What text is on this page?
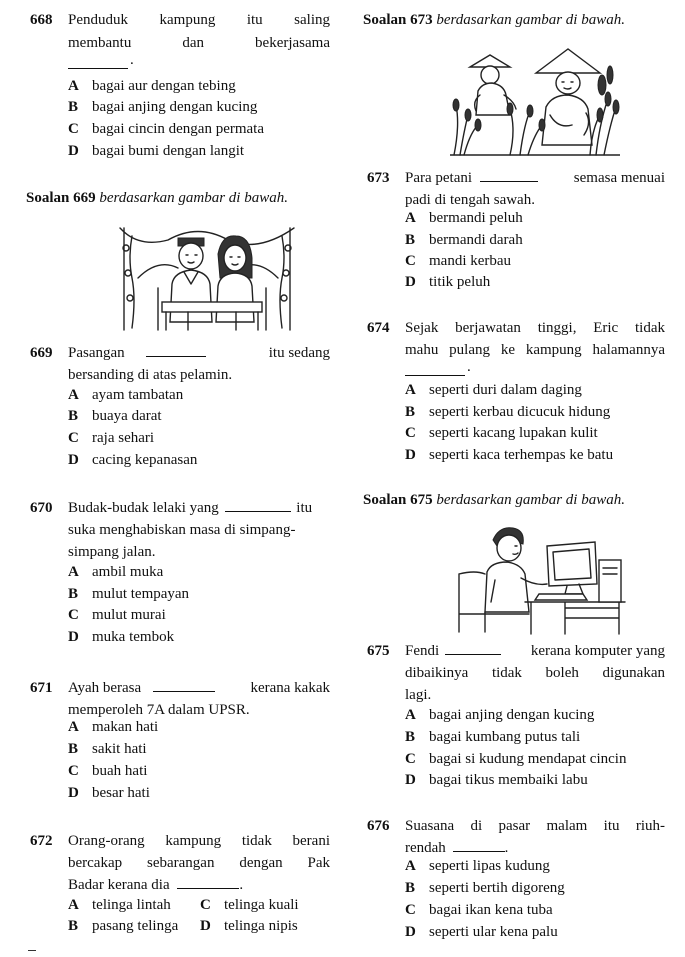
668 Penduduk kampung itu saling
membantu dan bekerjasama
.
A bagai aur dengan tebing
B bagai anjing dengan kucing
C bagai cincin dengan permata
D bagai bumi dengan langit
Soalan 669 berdasarkan gambar di bawah.
669 Pasangan	itu sedang
bersanding di atas pelamin.
A ayam tambatan
B buaya darat
C raja sehari
D cacing kepanasan
670 Budak-budak lelaki yang	itu
suka menghabiskan masa di simpang-
simpang jalan.
A ambil muka
B mulut tempayan
C mulut murai
D muka tembok
671 Ayah berasa	kerana kakak
memperoleh 7A dalam UPSR.
A makan hati
B sakit hati
C buah hati
D besar hati
672 Orang-orang kampung tidak berani
bercakap sebarangan dengan Pak
Badar kerana dia	.
A telinga lintah C telinga kuali
B pasang telinga D telinga nipis
Soalan 673 berdasarkan gambar di bawah.
673 Para petani	semasa menuai
padi di tengah sawah.
A bermandi peluh
B bermandi darah
C mandi kerbau
D titik peluh
674 Sejak berjawatan tinggi, Eric tidak
mahu pulang ke kampung halamannya
.
A seperti duri dalam daging
B seperti kerbau dicucuk hidung
C seperti kacang lupakan kulit
D seperti kaca terhempas ke batu
Soalan 675 berdasarkan gambar di bawah.
675 Fendi	kerana komputer yang
dibaikinya tidak boleh digunakan
lagi.
A bagai anjing dengan kucing
B bagai kumbang putus tali
C bagai si kudung mendapat cincin
D bagai tikus membaiki labu
676 Suasana di pasar malam itu riuh-
rendah	.
A seperti lipas kudung
B seperti bertih digoreng
C bagai ikan kena tuba
D seperti ular kena palu
